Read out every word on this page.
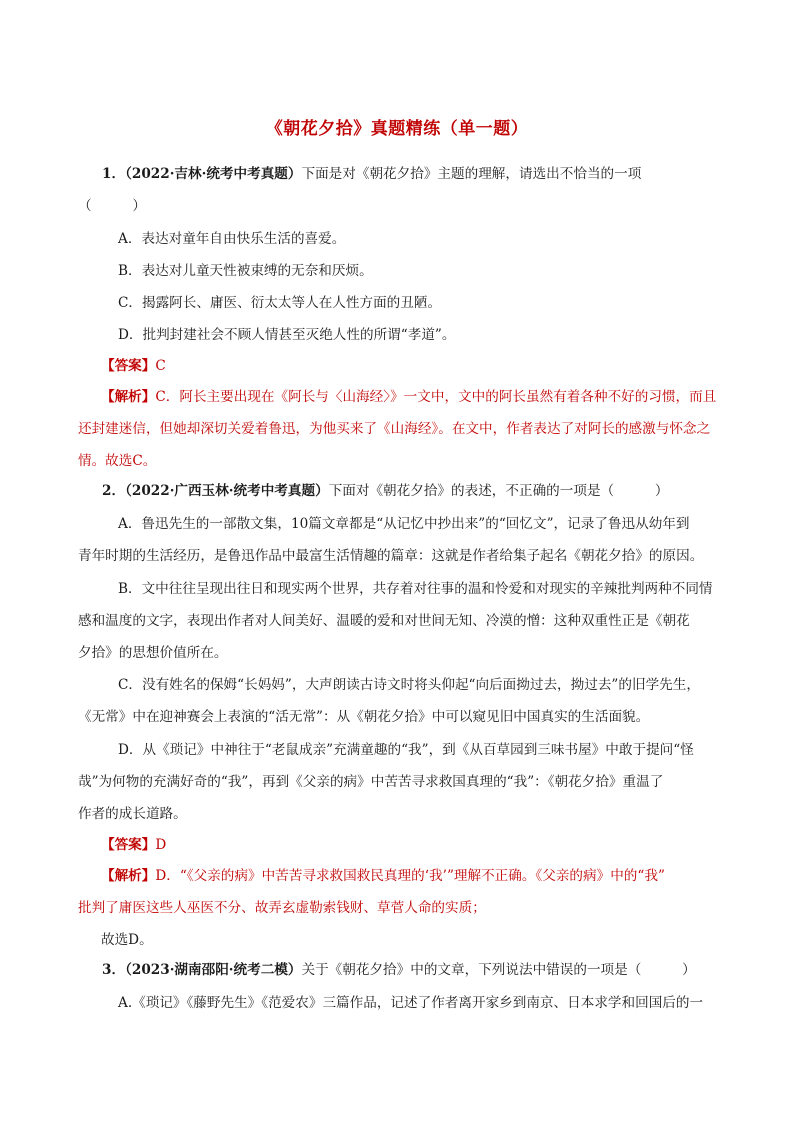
《朝花夕拾》真题精练（单一题）
1．（2022·吉林·统考中考真题）下面是对《朝花夕拾》主题的理解，请选出不恰当的一项
（　　　）
A．表达对童年自由快乐生活的喜爱。
B．表达对儿童天性被束缚的无奈和厌烦。
C．揭露阿长、庸医、衍太太等人在人性方面的丑陋。
D．批判封建社会不顾人情甚至灭绝人性的所谓“孝道”。
【答案】C
【解析】C．阿长主要出现在《阿长与〈山海经〉》一文中，文中的阿长虽然有着各种不好的习惯，而且
还封建迷信，但她却深切关爱着鲁迅，为他买来了《山海经》。在文中，作者表达了对阿长的感激与怀念之
情。故选C。
2．（2022·广西玉林·统考中考真题）下面对《朝花夕拾》的表述，不正确的一项是（　　　）
A．鲁迅先生的一部散文集，10篇文章都是“从记忆中抄出来”的“回忆文”，记录了鲁迅从幼年到
青年时期的生活经历，是鲁迅作品中最富生活情趣的篇章：这就是作者给集子起名《朝花夕拾》的原因。
B．文中往往呈现出往日和现实两个世界，共存着对往事的温和怜爱和对现实的辛辣批判两种不同情
感和温度的文字，表现出作者对人间美好、温暖的爱和对世间无知、冷漠的憎：这种双重性正是《朝花
夕拾》的思想价值所在。
C．没有姓名的保姆“长妈妈”，大声朗读古诗文时将头仰起“向后面拗过去，拗过去”的旧学先生，
《无常》中在迎神赛会上表演的“活无常”：从《朝花夕拾》中可以窥见旧中国真实的生活面貌。
D．从《琐记》中神往于“老鼠成亲”充满童趣的“我”，到《从百草园到三味书屋》中敢于提问“怪
哉”为何物的充满好奇的“我”，再到《父亲的病》中苦苦寻求救国真理的“我”：《朝花夕拾》重温了
作者的成长道路。
【答案】D
【解析】D．“《父亲的病》中苦苦寻求救国救民真理的‘我’”理解不正确。《父亲的病》中的“我”
批判了庸医这些人巫医不分、故弄玄虚勒索钱财、草菅人命的实质；
故选D。
3．（2023·湖南邵阳·统考二模）关于《朝花夕拾》中的文章，下列说法中错误的一项是（　　　）
A.《琐记》《藤野先生》《范爱农》三篇作品，记述了作者离开家乡到南京、日本求学和回国后的一
